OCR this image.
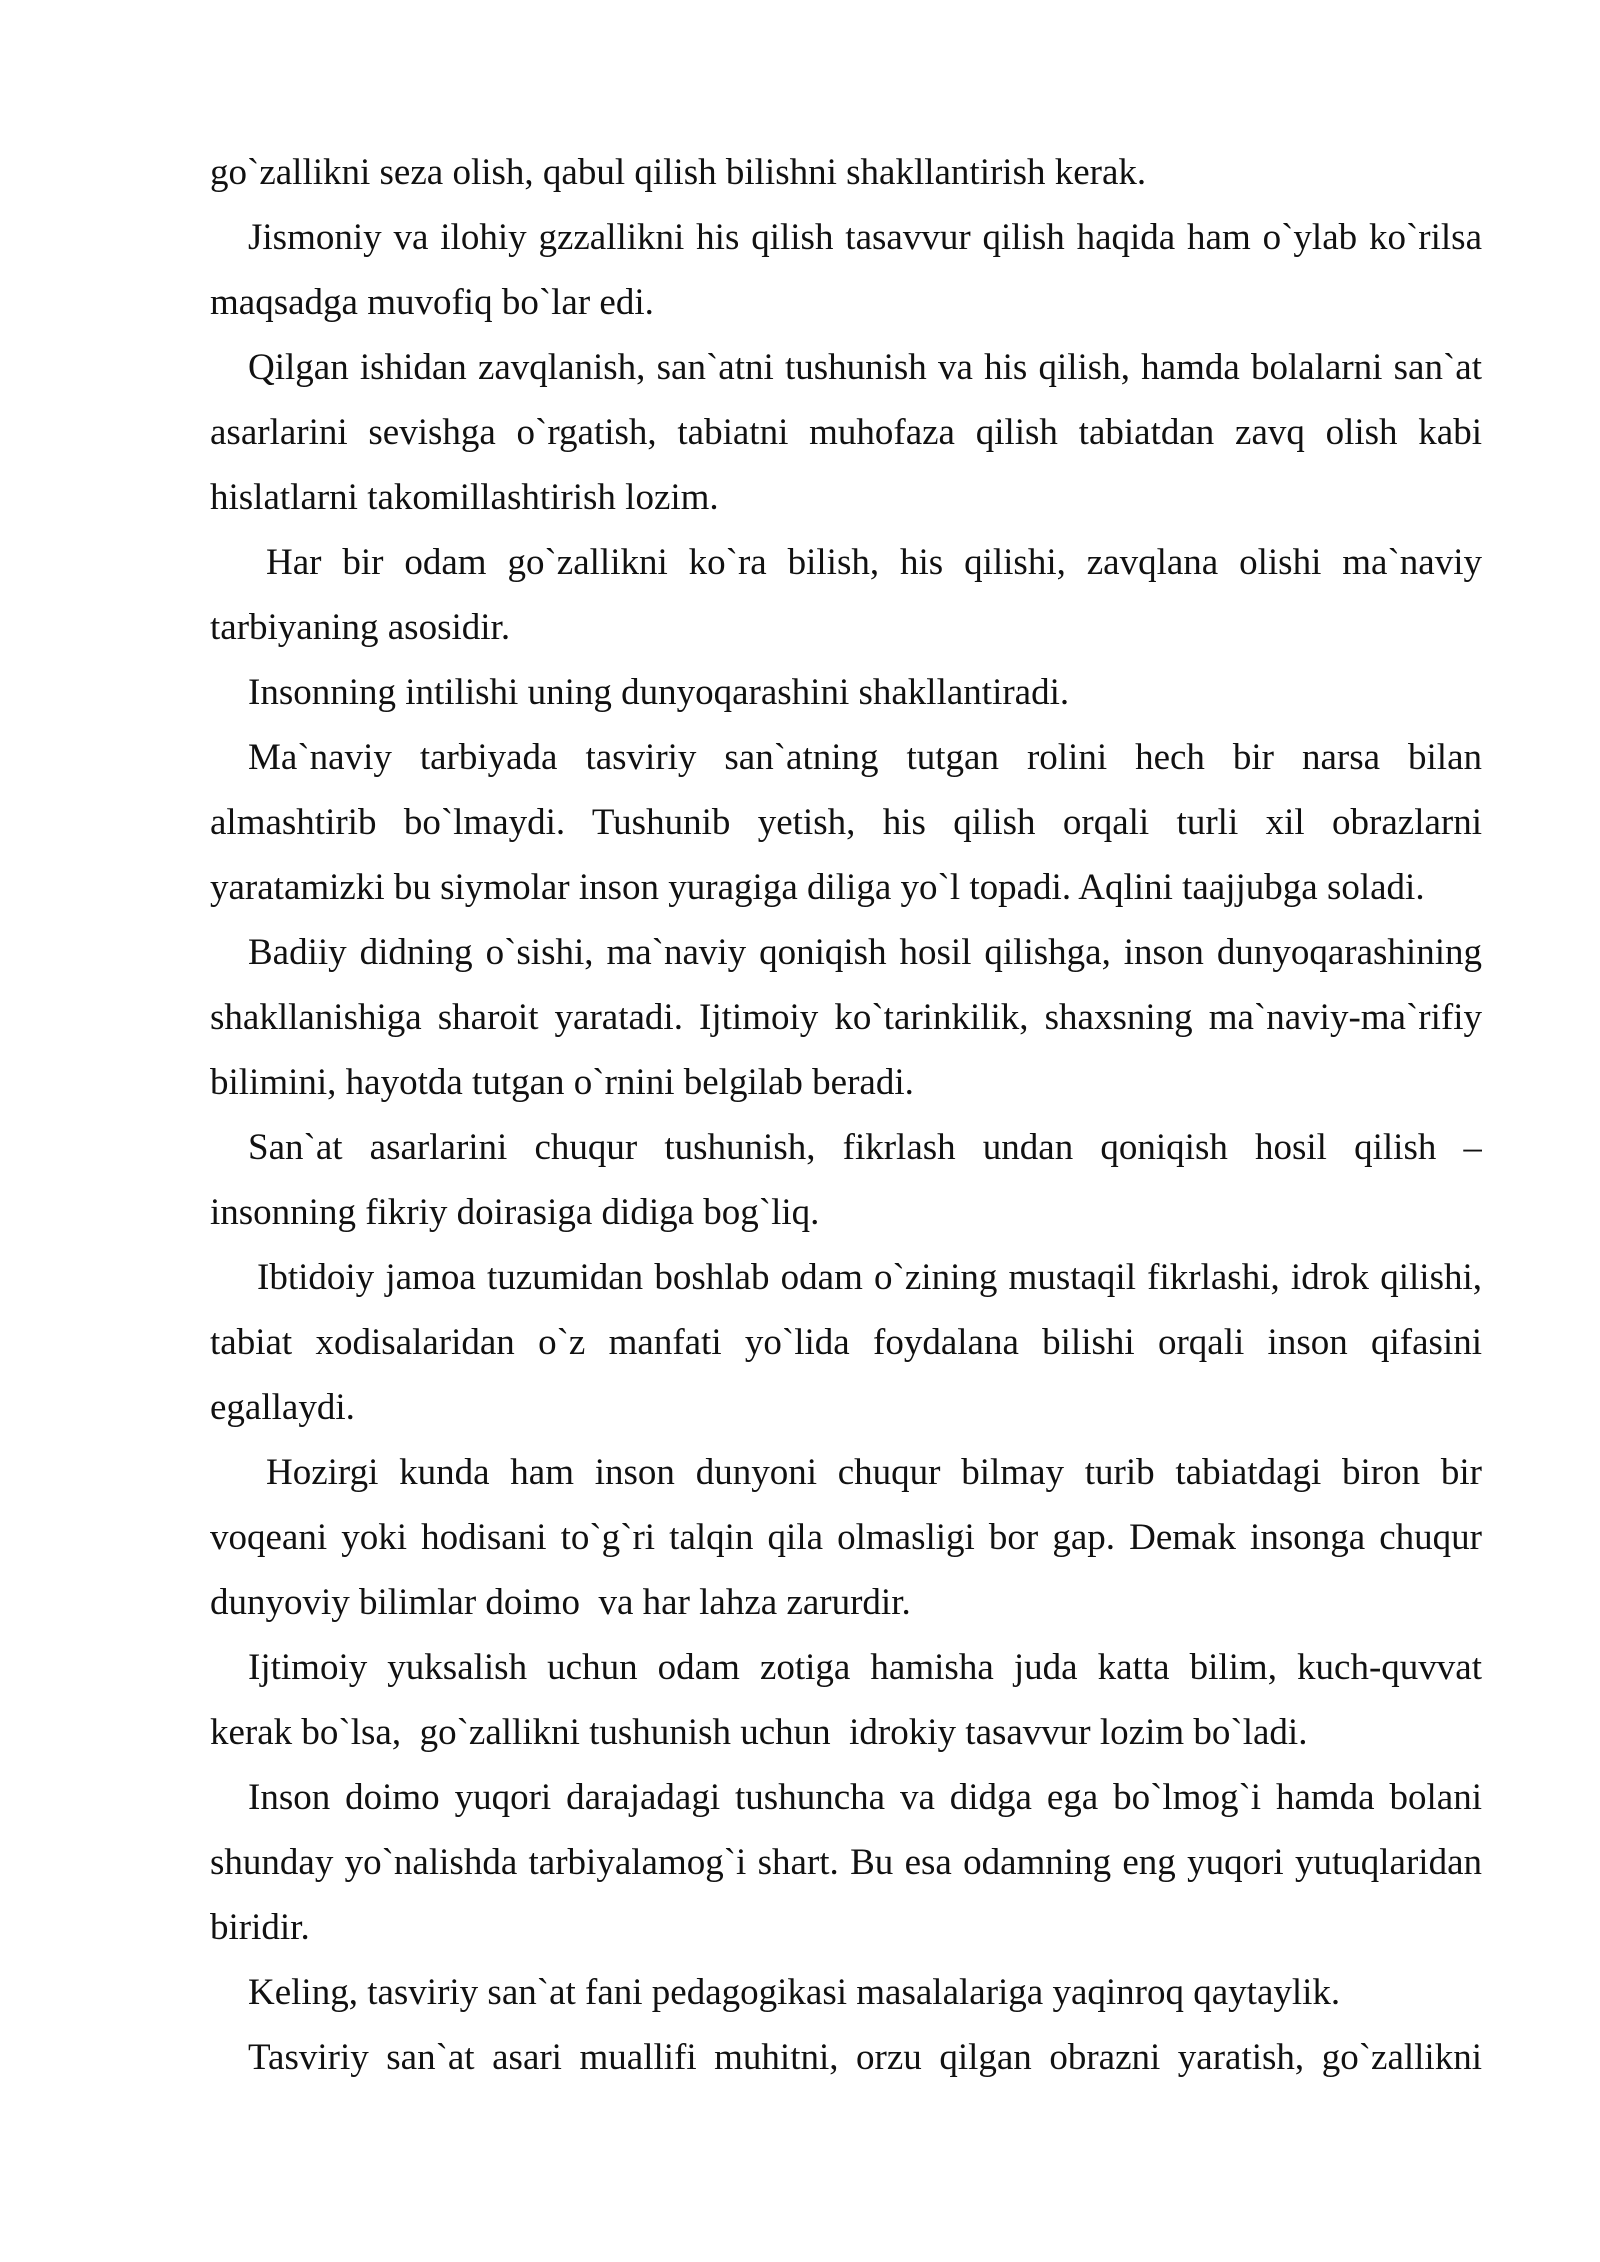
go`zallikni seza olish, qabul qilish bilishni shakllantirish kerak.
Jismoniy va ilohiy gzzallikni his qilish tasavvur qilish haqida ham o`ylab ko`rilsa
maqsadga muvofiq bo`lar edi.
Qilgan ishidan zavqlanish, san`atni tushunish va his qilish, hamda bolalarni san`at
asarlarini sevishga o`rgatish, tabiatni muhofaza qilish tabiatdan zavq olish kabi
hislatlarni takomillashtirish lozim.
Har bir odam go`zallikni ko`ra bilish, his qilishi, zavqlana olishi ma`naviy
tarbiyaning asosidir.
Insonning intilishi uning dunyoqarashini shakllantiradi.
Ma`naviy tarbiyada tasviriy san`atning tutgan rolini hech bir narsa bilan
almashtirib bo`lmaydi. Tushunib yetish, his qilish orqali turli xil obrazlarni
yaratamizki bu siymolar inson yuragiga diliga yo`l topadi. Aqlini taajjubga soladi.
Badiiy didning o`sishi, ma`naviy qoniqish hosil qilishga, inson dunyoqarashining
shakllanishiga sharoit yaratadi. Ijtimoiy ko`tarinkilik, shaxsning ma`naviy-ma`rifiy
bilimini, hayotda tutgan o`rnini belgilab beradi.
San`at asarlarini chuqur tushunish, fikrlash undan qoniqish hosil qilish –
insonning fikriy doirasiga didiga bog`liq.
Ibtidoiy jamoa tuzumidan boshlab odam o`zining mustaqil fikrlashi, idrok qilishi,
tabiat xodisalaridan o`z manfati yo`lida foydalana bilishi orqali inson qifasini
egallaydi.
Hozirgi kunda ham inson dunyoni chuqur bilmay turib tabiatdagi biron bir
voqeani yoki hodisani to`g`ri talqin qila olmasligi bor gap. Demak insonga chuqur
dunyoviy bilimlar doimo  va har lahza zarurdir.
Ijtimoiy yuksalish uchun odam zotiga hamisha juda katta bilim, kuch-quvvat
kerak bo`lsa,  go`zallikni tushunish uchun  idrokiy tasavvur lozim bo`ladi.
Inson doimo yuqori darajadagi tushuncha va didga ega bo`lmog`i hamda bolani
shunday yo`nalishda tarbiyalamog`i shart. Bu esa odamning eng yuqori yutuqlaridan
biridir.
Keling, tasviriy san`at fani pedagogikasi masalalariga yaqinroq qaytaylik.
Tasviriy san`at asari muallifi muhitni, orzu qilgan obrazni yaratish, go`zallikni
